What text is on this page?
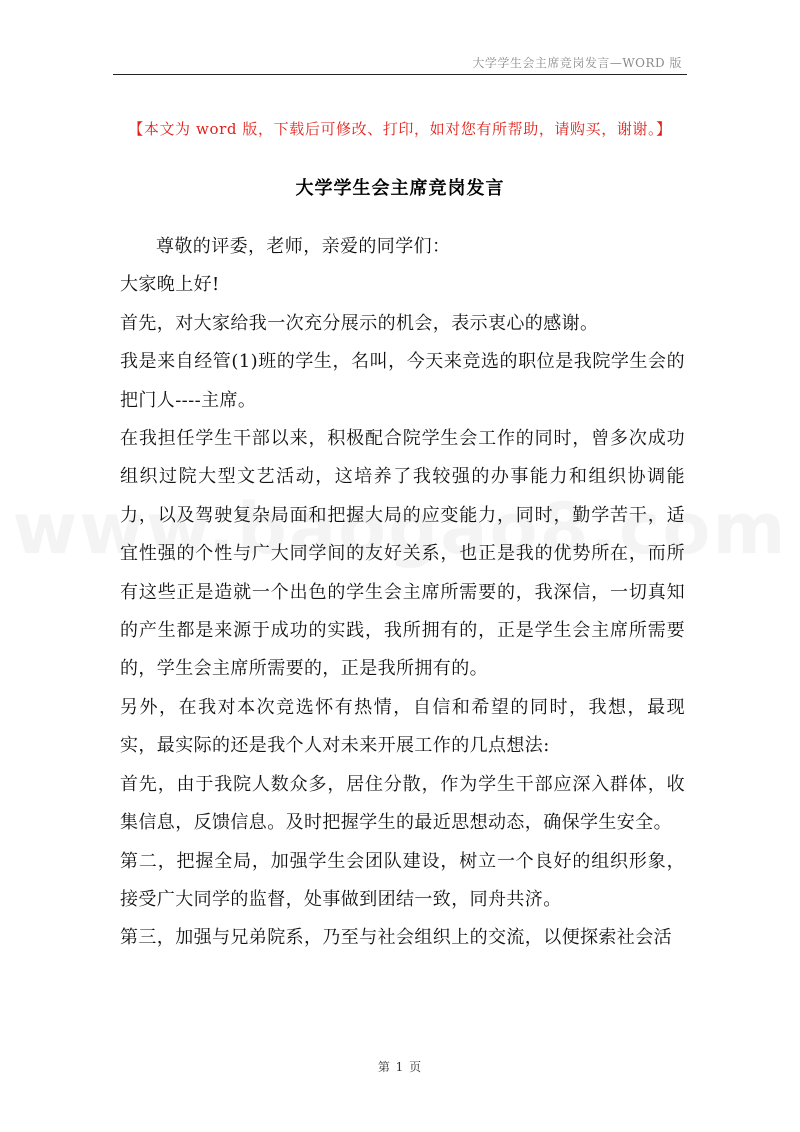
大学学生会主席竞岗发言—WORD 版
【本文为 word 版，下载后可修改、打印，如对您有所帮助，请购买，谢谢。】
大学学生会主席竞岗发言

尊敬的评委，老师，亲爱的同学们：

大家晚上好!

首先，对大家给我一次充分展示的机会，表示衷心的感谢。

我是来自经管(1)班的学生，名叫，今天来竞选的职位是我院学生会的把门人----主席。

在我担任学生干部以来，积极配合院学生会工作的同时，曾多次成功组织过院大型文艺活动，这培养了我较强的办事能力和组织协调能力，以及驾驶复杂局面和把握大局的应变能力，同时，勤学苦干，适宜性强的个性与广大同学间的友好关系，也正是我的优势所在，而所有这些正是造就一个出色的学生会主席所需要的，我深信，一切真知的产生都是来源于成功的实践，我所拥有的，正是学生会主席所需要的，学生会主席所需要的，正是我所拥有的。

另外，在我对本次竞选怀有热情，自信和希望的同时，我想，最现实，最实际的还是我个人对未来开展工作的几点想法:

首先，由于我院人数众多，居住分散，作为学生干部应深入群体，收集信息，反馈信息。及时把握学生的最近思想动态，确保学生安全。

第二，把握全局，加强学生会团队建设，树立一个良好的组织形象，接受广大同学的监督，处事做到团结一致，同舟共济。

第三，加强与兄弟院系，乃至与社会组织上的交流，以便探索社会活

第 1 页
